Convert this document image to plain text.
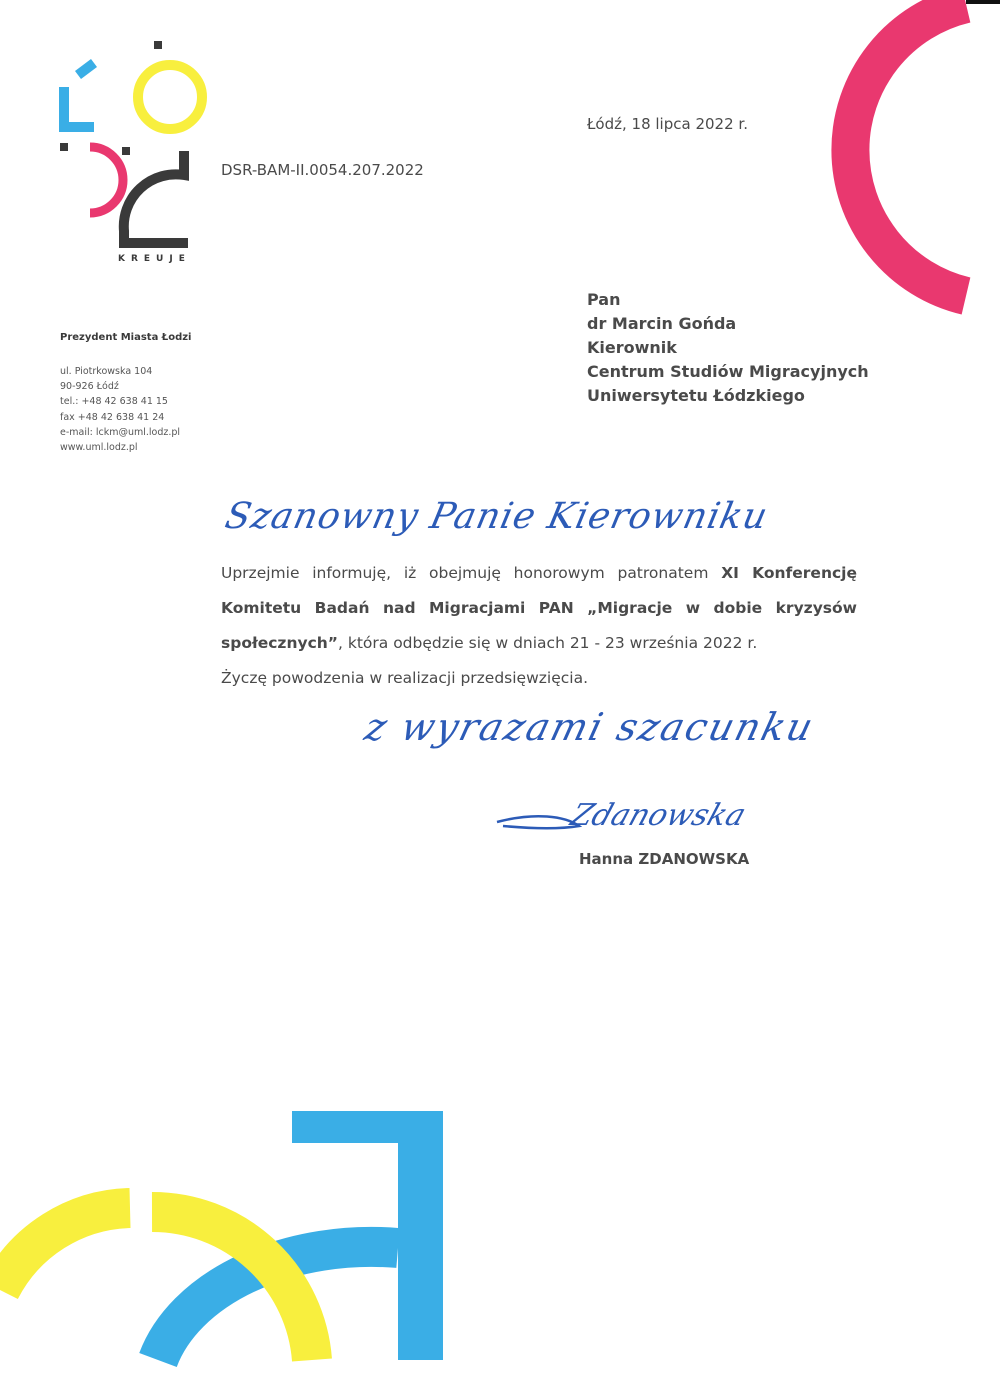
KREUJE
Prezydent Miasta Łodzi
ul. Piotrkowska 104
90-926 Łódź
tel.: +48 42 638 41 15
fax +48 42 638 41 24
e-mail: lckm@uml.lodz.pl
www.uml.lodz.pl
DSR-BAM-II.0054.207.2022
Łódź, 18 lipca 2022 r.
Pan
dr Marcin Gońda
Kierownik
Centrum Studiów Migracyjnych
Uniwersytetu Łódzkiego
Szanowny Panie Kierowniku

Uprzejmie informuję, iż obejmuję honorowym patronatem XI Konferencję Komitetu Badań nad Migracjami PAN „Migracje w dobie kryzysów społecznych”, która odbędzie się w dniach 21 - 23 września 2022 r.

Życzę powodzenia w realizacji przedsięwzięcia.

z wyrazami szacunku
Zdanowska
Hanna ZDANOWSKA
